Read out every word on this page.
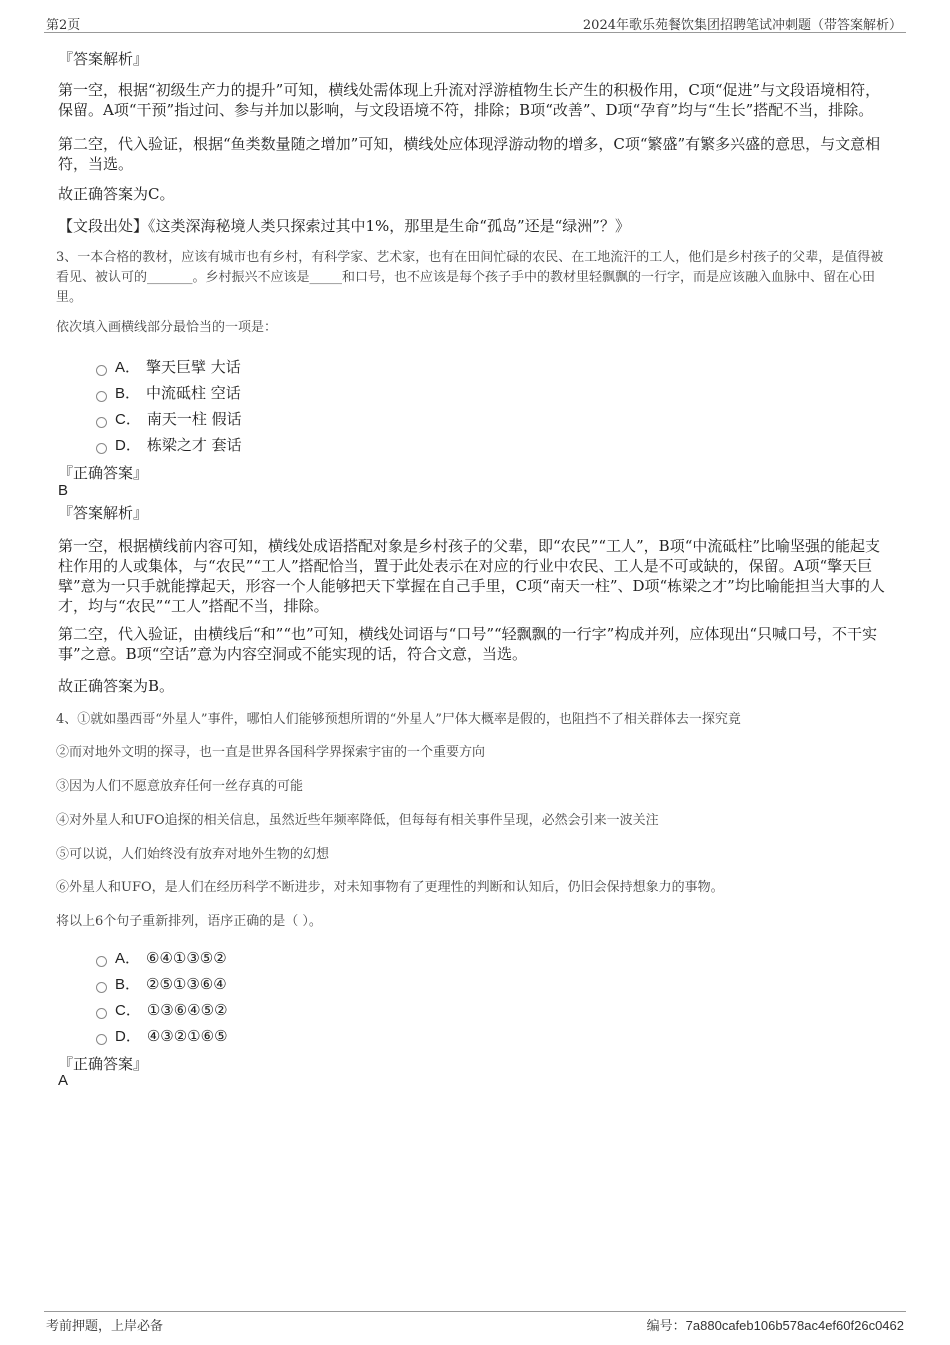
第2页	2024年歌乐苑餐饮集团招聘笔试冲刺题（带答案解析）
『答案解析』
第一空，根据“初级生产力的提升”可知，横线处需体现上升流对浮游植物生长产生的积极作用，C项“促进”与文段语境相符，保留。A项“干预”指过问、参与并加以影响，与文段语境不符，排除；B项“改善”、D项“孕育”均与“生长”搭配不当，排除。
第二空，代入验证，根据“鱼类数量随之增加”可知，横线处应体现浮游动物的增多，C项“繁盛”有繁多兴盛的意思，与文意相符，当选。
故正确答案为C。
【文段出处】《这类深海秘境人类只探索过其中1%，那里是生命“孤岛”还是“绿洲”？》
3、一本合格的教材，应该有城市也有乡村，有科学家、艺术家，也有在田间忙碌的农民、在工地流汗的工人，他们是乡村孩子的父辈，是值得被看见、被认可的_______。乡村振兴不应该是_____和口号，也不应该是每个孩子手中的教材里轻飘飘的一行字，而是应该融入血脉中、留在心田里。
依次填入画横线部分最恰当的一项是：
A． 擎天巨擘 大话
B． 中流砥柱 空话
C． 南天一柱 假话
D． 栋梁之才 套话
『正确答案』
B
『答案解析』
第一空，根据横线前内容可知，横线处成语搭配对象是乡村孩子的父辈，即“农民”“工人”，B项“中流砥柱”比喻坚强的能起支柱作用的人或集体，与“农民”“工人”搭配恰当，置于此处表示在对应的行业中农民、工人是不可或缺的，保留。A项“擎天巨擘”意为一只手就能撑起天，形容一个人能够把天下掌握在自己手里，C项“南天一柱”、D项“栋梁之才”均比喻能担当大事的人才，均与“农民”“工人”搭配不当，排除。
第二空，代入验证，由横线后“和”“也”可知，横线处词语与“口号”“轻飘飘的一行字”构成并列，应体现出“只喊口号，不干实事”之意。B项“空话”意为内容空洞或不能实现的话，符合文意，当选。
故正确答案为B。
4、①就如墨西哥“外星人”事件，哪怕人们能够预想所谓的“外星人”尸体大概率是假的，也阻挡不了相关群体去一探究竟
②而对地外文明的探寻，也一直是世界各国科学界探索宇宙的一个重要方向
③因为人们不愿意放弃任何一丝存真的可能
④对外星人和UFO追探的相关信息，虽然近些年频率降低，但每每有相关事件呈现，必然会引来一波关注
⑤可以说，人们始终没有放弃对地外生物的幻想
⑥外星人和UFO，是人们在经历科学不断进步，对未知事物有了更理性的判断和认知后，仍旧会保持想象力的事物。
将以上6个句子重新排列，语序正确的是（ ）。
A． ⑥④①③⑤②
B． ②⑤①③⑥④
C． ①③⑥④⑤②
D． ④③②①⑥⑤
『正确答案』
A
考前押题，上岸必备	编号：7a880cafeb106b578ac4ef60f26c0462
